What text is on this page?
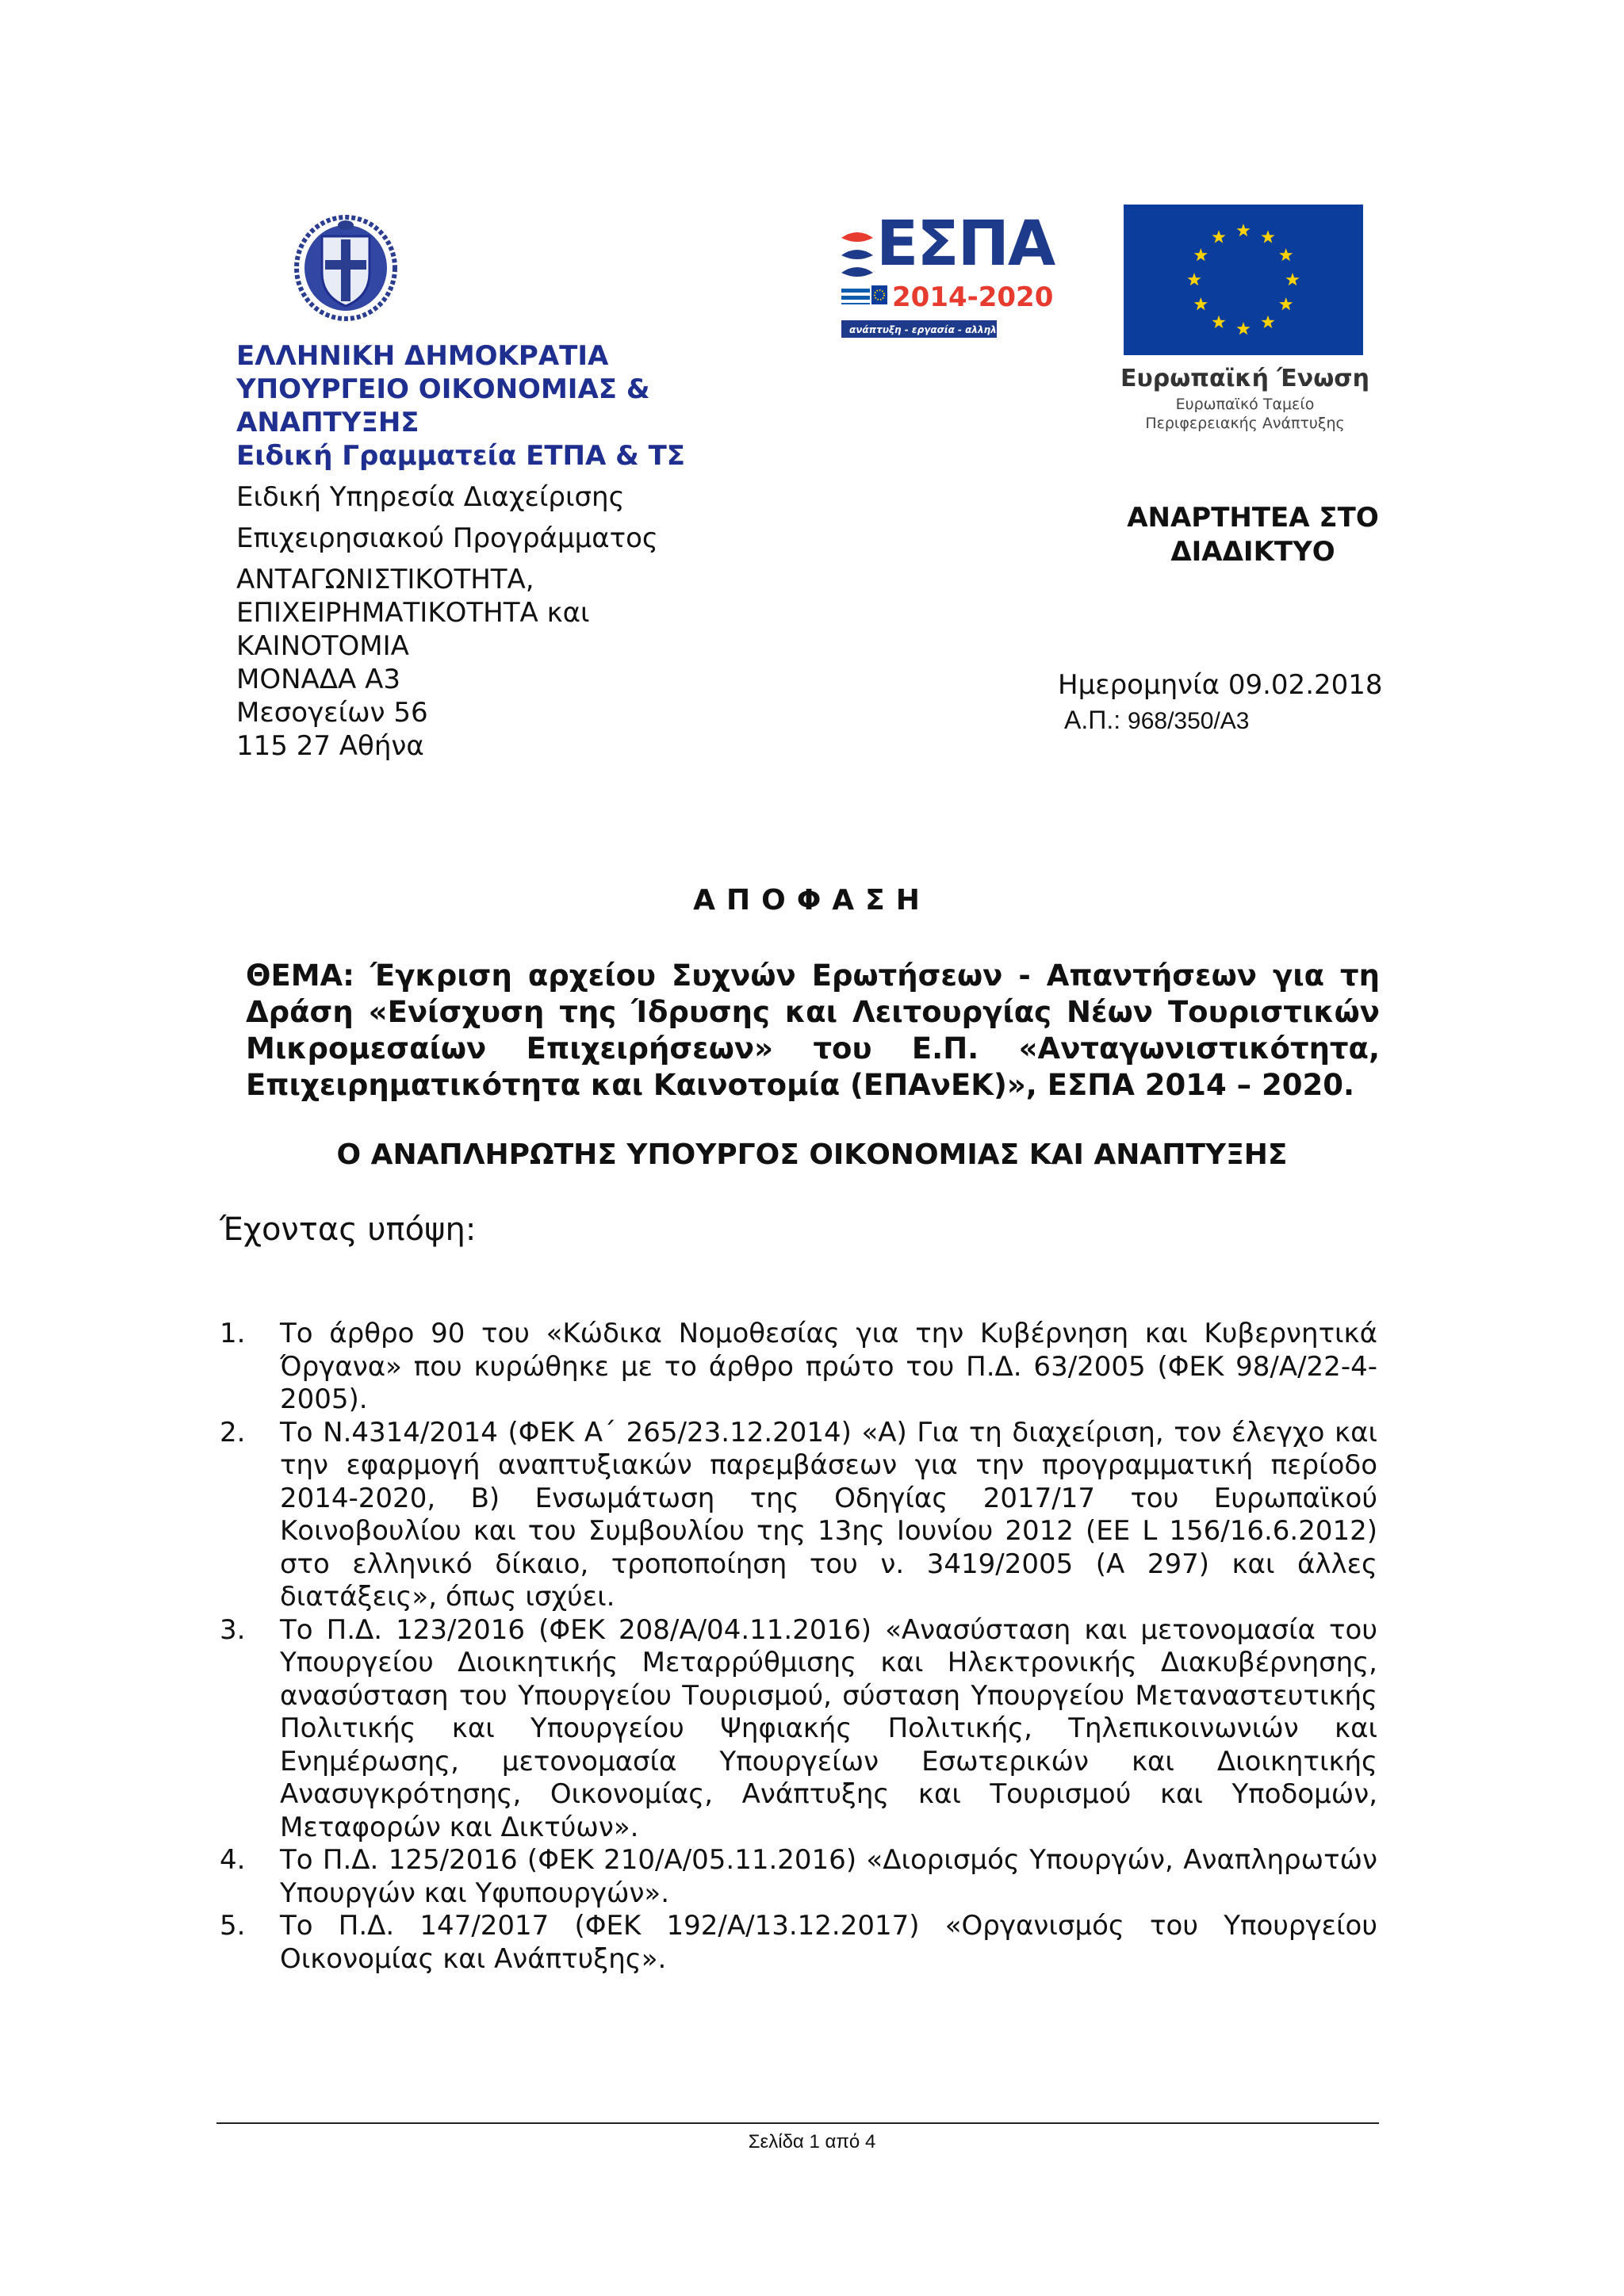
ΕΛΛΗΝΙΚΗ ΔΗΜΟΚΡΑΤΙΑ
ΥΠΟΥΡΓΕΙΟ ΟΙΚΟΝΟΜΙΑΣ &
ΑΝΑΠΤΥΞΗΣ
Ειδική Γραμματεία ΕΤΠΑ & ΤΣ
Ειδική Υπηρεσία Διαχείρισης
Επιχειρησιακού Προγράμματος
ΑΝΤΑΓΩΝΙΣΤΙΚΟΤΗΤΑ,
ΕΠΙΧΕΙΡΗΜΑΤΙΚΟΤΗΤΑ και
ΚΑΙΝΟΤΟΜΙΑ
ΜΟΝΑΔΑ Α3
Μεσογείων 56
115 27 Αθήνα
ΕΣΠΑ
2014-2020
ανάπτυξη - εργασία - αλληλεγγύη
Ευρωπαϊκή Ένωση
Ευρωπαϊκό Ταμείο
Περιφερειακής Ανάπτυξης
ΑΝΑΡΤΗΤΕΑ ΣΤΟ
ΔΙΑΔΙΚΤΥΟ
Ημερομηνία 09.02.2018
Α.Π.: 968/350/Α3
ΑΠΟΦΑΣΗ
ΘΕΜΑ: Έγκριση αρχείου Συχνών Ερωτήσεων - Απαντήσεων για τη Δράση «Ενίσχυση της Ίδρυσης και Λειτουργίας Νέων Τουριστικών Μικρομεσαίων Επιχειρήσεων» του Ε.Π. «Ανταγωνιστικότητα, Επιχειρηματικότητα και Καινοτομία (ΕΠΑνΕΚ)», ΕΣΠΑ 2014 – 2020.
Ο ΑΝΑΠΛΗΡΩΤΗΣ ΥΠΟΥΡΓΟΣ ΟΙΚΟΝΟΜΙΑΣ ΚΑΙ ΑΝΑΠΤΥΞΗΣ
Έχοντας υπόψη:
1. Το άρθρο 90 του «Κώδικα Νομοθεσίας για την Κυβέρνηση και Κυβερνητικά Όργανα» που κυρώθηκε με το άρθρο πρώτο του Π.Δ. 63/2005 (ΦΕΚ 98/Α/22-4-2005).
2. Το Ν.4314/2014 (ΦΕΚ Α΄ 265/23.12.2014) «Α) Για τη διαχείριση, τον έλεγχο και την εφαρμογή αναπτυξιακών παρεμβάσεων για την προγραμματική περίοδο 2014-2020, Β) Ενσωμάτωση της Οδηγίας 2017/17 του Ευρωπαϊκού Κοινοβουλίου και του Συμβουλίου της 13ης Ιουνίου 2012 (ΕΕ L 156/16.6.2012) στο ελληνικό δίκαιο, τροποποίηση του ν. 3419/2005 (Α 297) και άλλες διατάξεις», όπως ισχύει.
3. Το Π.Δ. 123/2016 (ΦΕΚ 208/Α/04.11.2016) «Ανασύσταση και μετονομασία του Υπουργείου Διοικητικής Μεταρρύθμισης και Ηλεκτρονικής Διακυβέρνησης, ανασύσταση του Υπουργείου Τουρισμού, σύσταση Υπουργείου Μεταναστευτικής Πολιτικής και Υπουργείου Ψηφιακής Πολιτικής, Τηλεπικοινωνιών και Ενημέρωσης, μετονομασία Υπουργείων Εσωτερικών και Διοικητικής Ανασυγκρότησης, Οικονομίας, Ανάπτυξης και Τουρισμού και Υποδομών, Μεταφορών και Δικτύων».
4. Το Π.Δ. 125/2016 (ΦΕΚ 210/Α/05.11.2016) «Διορισμός Υπουργών, Αναπληρωτών Υπουργών και Υφυπουργών».
5. Το Π.Δ. 147/2017 (ΦΕΚ 192/Α/13.12.2017) «Οργανισμός του Υπουργείου Οικονομίας και Ανάπτυξης».
Σελίδα 1 από 4
